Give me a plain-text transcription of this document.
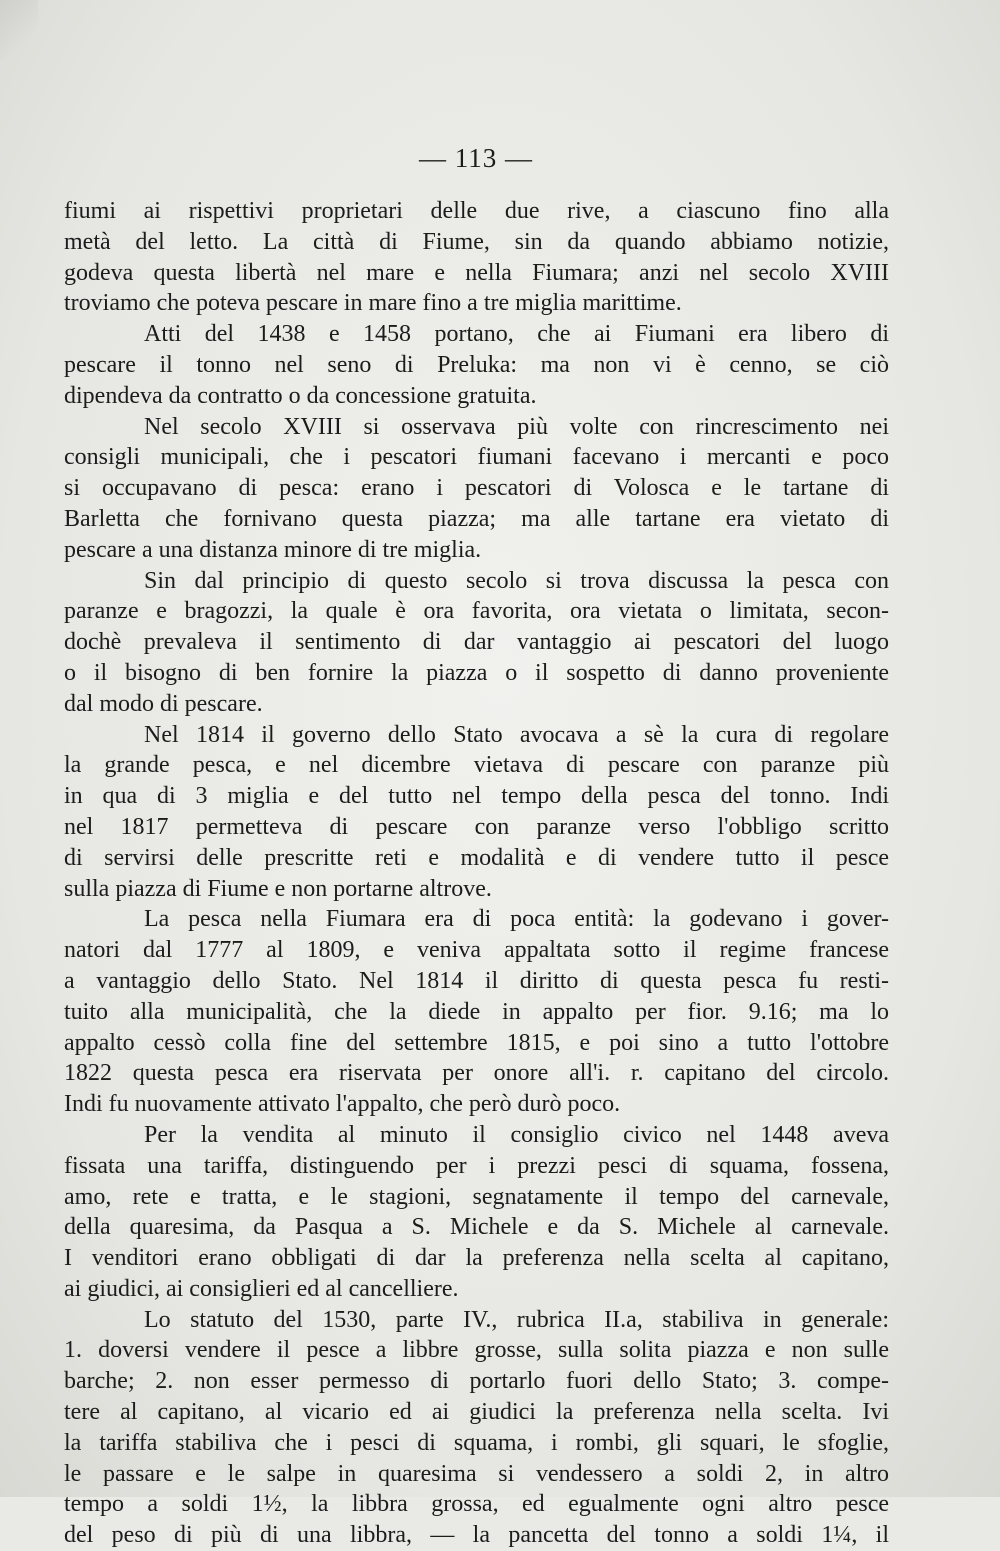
— 113 —
fiumi ai rispettivi proprietari delle due rive, a ciascuno fino alla
metà del letto. La città di Fiume, sin da quando abbiamo notizie,
godeva questa libertà nel mare e nella Fiumara; anzi nel secolo XVIII
troviamo che poteva pescare in mare fino a tre miglia marittime.
Atti del 1438 e 1458 portano, che ai Fiumani era libero di
pescare il tonno nel seno di Preluka: ma non vi è cenno, se ciò
dipendeva da contratto o da concessione gratuita.
Nel secolo XVIII si osservava più volte con rincrescimento nei
consigli municipali, che i pescatori fiumani facevano i mercanti e poco
si occupavano di pesca: erano i pescatori di Volosca e le tartane di
Barletta che fornivano questa piazza; ma alle tartane era vietato di
pescare a una distanza minore di tre miglia.
Sin dal principio di questo secolo si trova discussa la pesca con
paranze e bragozzi, la quale è ora favorita, ora vietata o limitata, secon-
dochè prevaleva il sentimento di dar vantaggio ai pescatori del luogo
o il bisogno di ben fornire la piazza o il sospetto di danno proveniente
dal modo di pescare.
Nel 1814 il governo dello Stato avocava a sè la cura di regolare
la grande pesca, e nel dicembre vietava di pescare con paranze più
in qua di 3 miglia e del tutto nel tempo della pesca del tonno. Indi
nel 1817 permetteva di pescare con paranze verso l'obbligo scritto
di servirsi delle prescritte reti e modalità e di vendere tutto il pesce
sulla piazza di Fiume e non portarne altrove.
La pesca nella Fiumara era di poca entità: la godevano i gover-
natori dal 1777 al 1809, e veniva appaltata sotto il regime francese
a vantaggio dello Stato. Nel 1814 il diritto di questa pesca fu resti-
tuito alla municipalità, che la diede in appalto per fior. 9.16; ma lo
appalto cessò colla fine del settembre 1815, e poi sino a tutto l'ottobre
1822 questa pesca era riservata per onore all'i. r. capitano del circolo.
Indi fu nuovamente attivato l'appalto, che però durò poco.
Per la vendita al minuto il consiglio civico nel 1448 aveva
fissata una tariffa, distinguendo per i prezzi pesci di squama, fossena,
amo, rete e tratta, e le stagioni, segnatamente il tempo del carnevale,
della quaresima, da Pasqua a S. Michele e da S. Michele al carnevale.
I venditori erano obbligati di dar la preferenza nella scelta al capitano,
ai giudici, ai consiglieri ed al cancelliere.
Lo statuto del 1530, parte IV., rubrica II.a, stabiliva in generale:
1. doversi vendere il pesce a libbre grosse, sulla solita piazza e non sulle
barche; 2. non esser permesso di portarlo fuori dello Stato; 3. compe-
tere al capitano, al vicario ed ai giudici la preferenza nella scelta. Ivi
la tariffa stabiliva che i pesci di squama, i rombi, gli squari, le sfoglie,
le passare e le salpe in quaresima si vendessero a soldi 2, in altro
tempo a soldi 1½, la libbra grossa, ed egualmente ogni altro pesce
del peso di più di una libbra, — la pancetta del tonno a soldi 1¼, il
